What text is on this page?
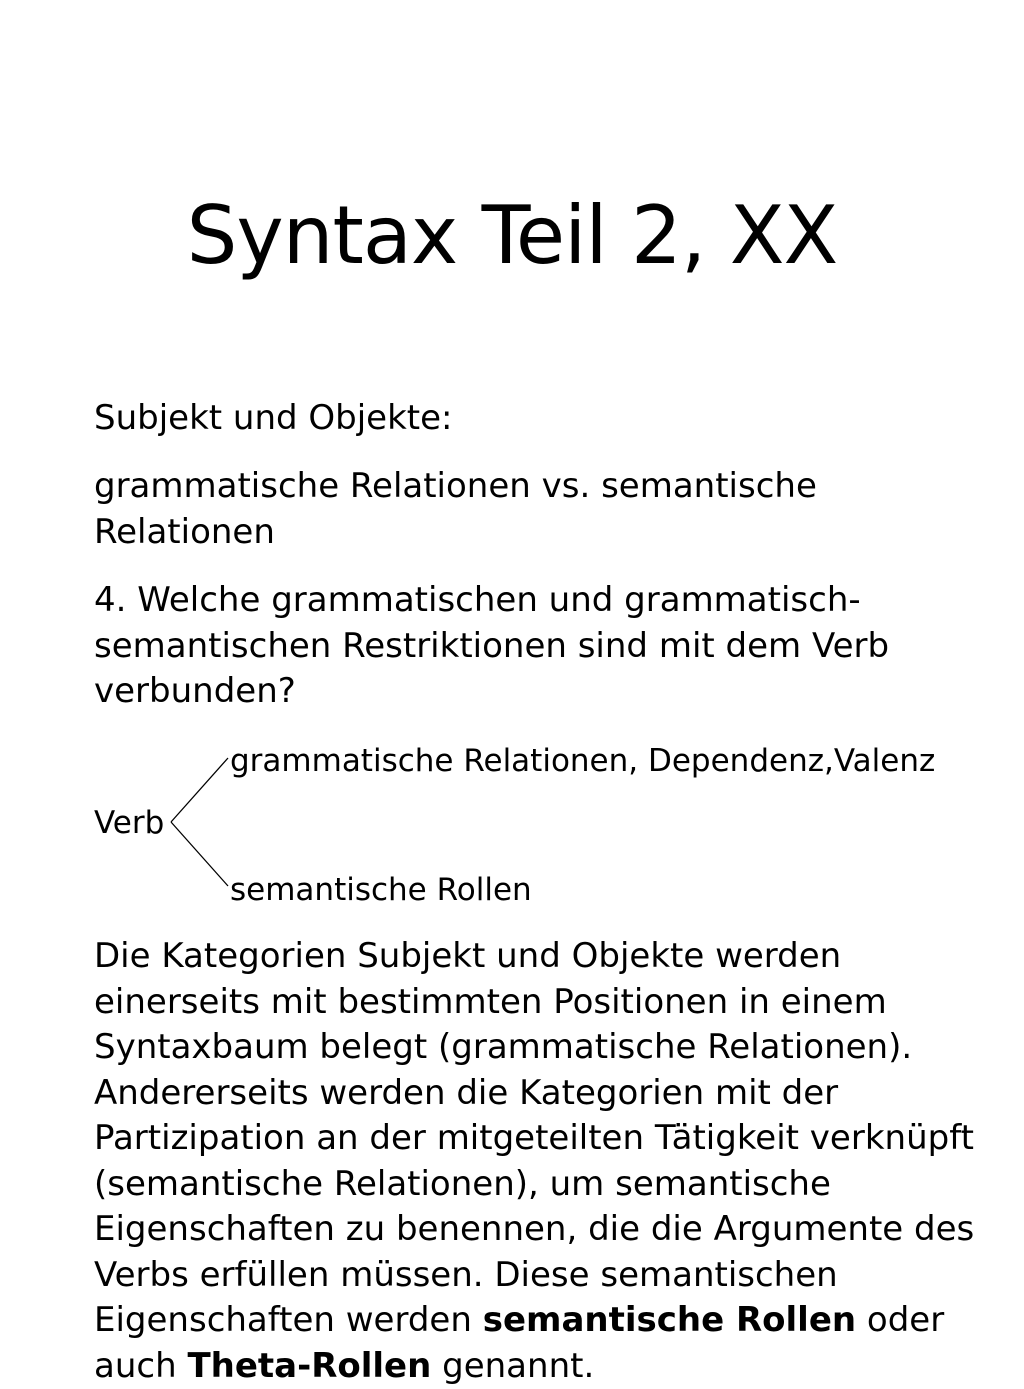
Syntax Teil 2, XX

Subjekt und Objekte:

grammatische Relationen vs. semantische Relationen

4. Welche grammatischen und grammatisch-semantischen Restriktionen sind mit dem Verb verbunden?

Verb
grammatische Relationen, Dependenz,Valenz
semantische Rollen

Die Kategorien Subjekt und Objekte werden einerseits mit bestimmten Positionen in einem Syntaxbaum belegt (grammatische Relationen). Andererseits werden die Kategorien mit der Partizipation an der mitgeteilten Tätigkeit verknüpft (semantische Relationen), um semantische Eigenschaften zu benennen, die die Argumente des Verbs erfüllen müssen. Diese semantischen Eigenschaften werden semantische Rollen oder auch Theta-Rollen genannt.
